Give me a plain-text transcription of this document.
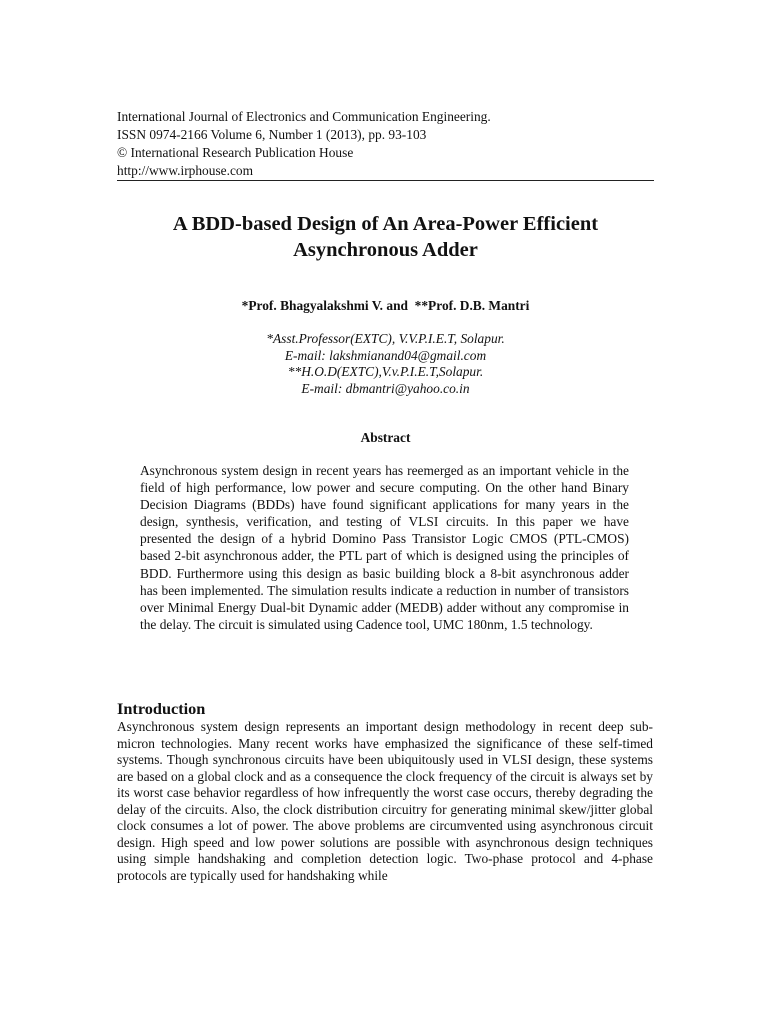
International Journal of Electronics and Communication Engineering.
ISSN 0974-2166 Volume 6, Number 1 (2013), pp. 93-103
© International Research Publication House
http://www.irphouse.com
A BDD-based Design of An Area-Power Efficient Asynchronous Adder
*Prof. Bhagyalakshmi V. and  **Prof. D.B. Mantri
*Asst.Professor(EXTC), V.V.P.I.E.T, Solapur.
E-mail: lakshmianand04@gmail.com
**H.O.D(EXTC),V.v.P.I.E.T,Solapur.
E-mail: dbmantri@yahoo.co.in
Abstract

Asynchronous system design in recent years has reemerged as an important vehicle in the field of high performance, low power and secure computing. On the other hand Binary Decision Diagrams (BDDs) have found significant applications for many years in the design, synthesis, verification, and testing of VLSI circuits. In this paper we have presented the design of a hybrid Domino Pass Transistor Logic CMOS (PTL-CMOS) based 2-bit asynchronous adder, the PTL part of which is designed using the principles of BDD. Furthermore using this design as basic building block a 8-bit asynchronous adder has been implemented. The simulation results indicate a reduction in number of transistors over Minimal Energy Dual-bit Dynamic adder (MEDB) adder without any compromise in the delay. The circuit is simulated using Cadence tool, UMC 180nm, 1.5 technology.

Introduction

Asynchronous system design represents an important design methodology in recent deep sub-micron technologies. Many recent works have emphasized the significance of these self-timed systems. Though synchronous circuits have been ubiquitously used in VLSI design, these systems are based on a global clock and as a consequence the clock frequency of the circuit is always set by its worst case behavior regardless of how infrequently the worst case occurs, thereby degrading the delay of the circuits. Also, the clock distribution circuitry for generating minimal skew/jitter global clock consumes a lot of power. The above problems are circumvented using asynchronous circuit design. High speed and low power solutions are possible with asynchronous design techniques using simple handshaking and completion detection logic. Two-phase protocol and 4-phase protocols are typically used for handshaking while
